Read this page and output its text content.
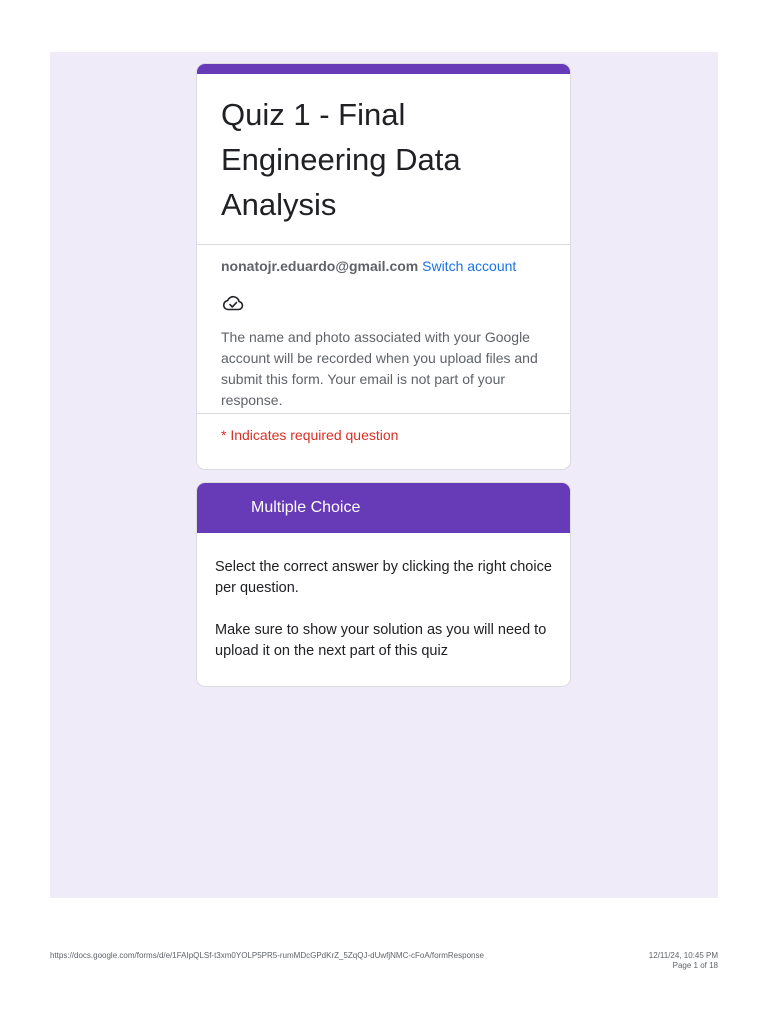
Quiz 1 - Final Engineering Data Analysis
nonatojr.eduardo@gmail.com Switch account
The name and photo associated with your Google account will be recorded when you upload files and submit this form. Your email is not part of your response.
* Indicates required question
Multiple Choice

Select the correct answer by clicking the right choice per question.

Make sure to show your solution as you will need to upload it on the next part of this quiz

https://docs.google.com/forms/d/e/1FAIpQLSf-t3xm0YOLP5PR5-rumMDcGPdKrZ_5ZqQJ-dUwfjNMC-cFoA/formResponse	12/11/24, 10:45 PM
Page 1 of 18
